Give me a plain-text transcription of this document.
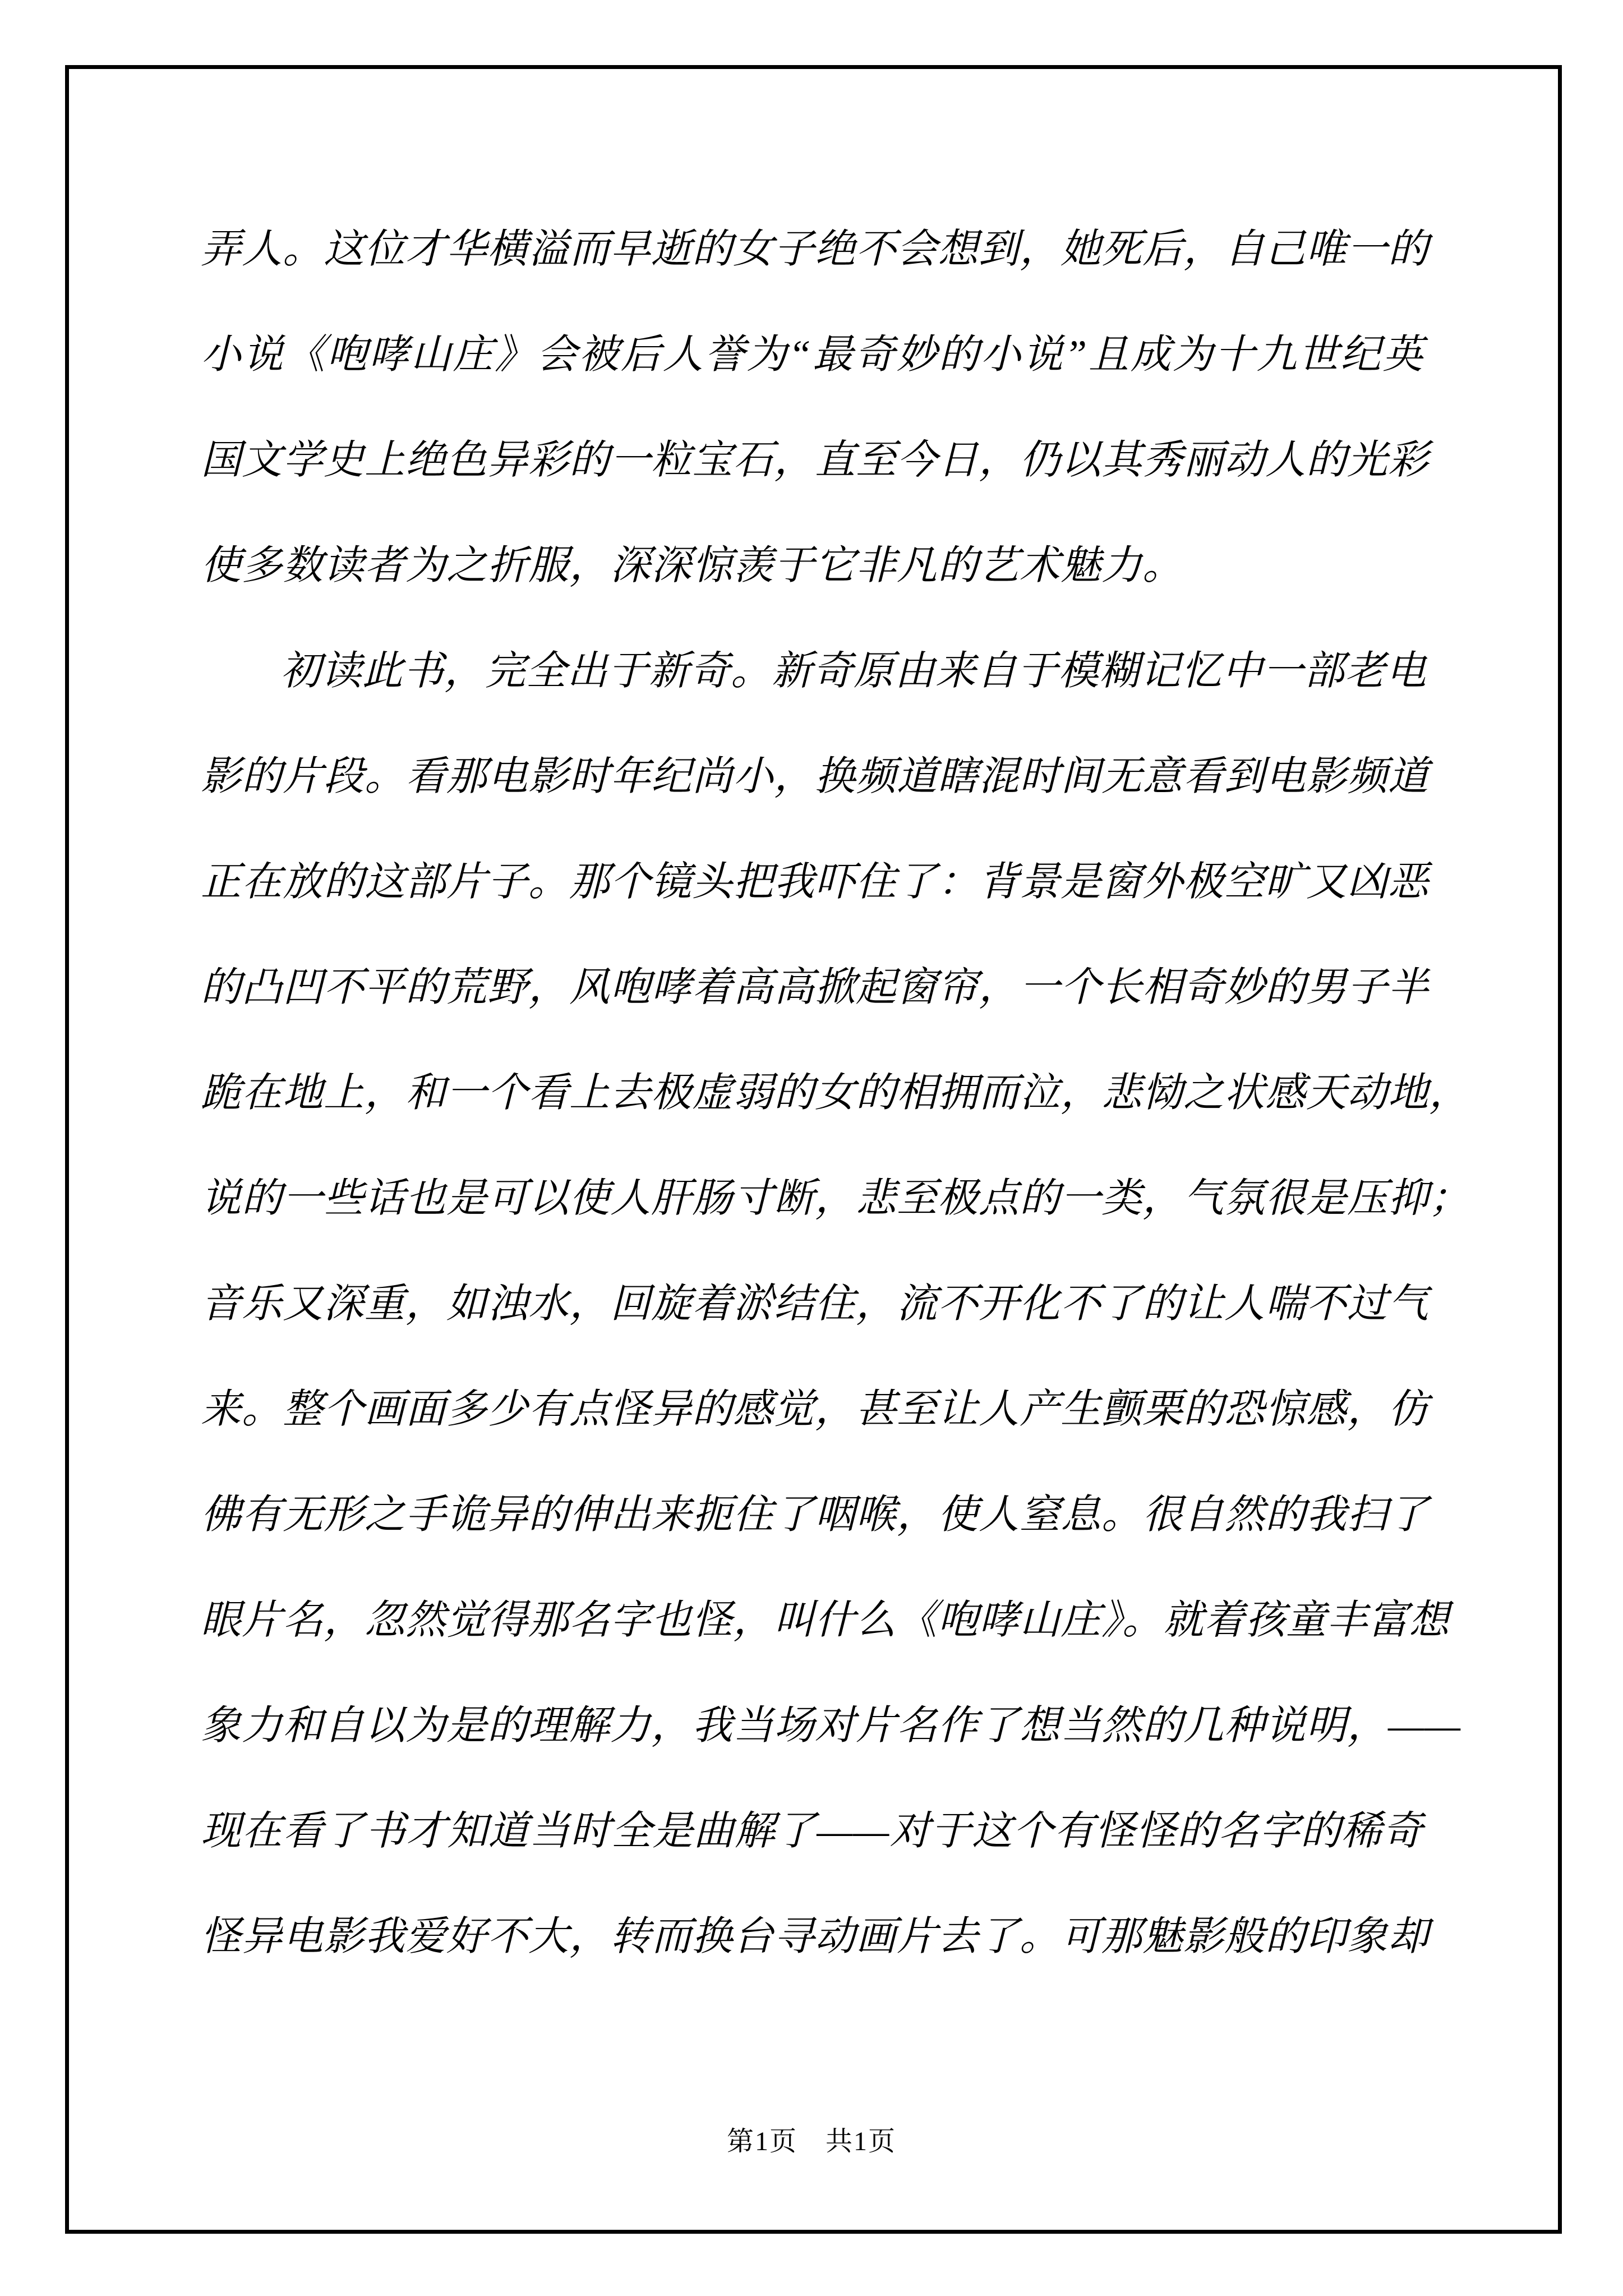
弄人。这位才华横溢而早逝的女子绝不会想到，她死后，自己唯一的
小说《咆哮山庄》会被后人誉为“最奇妙的小说”且成为十九世纪英
国文学史上绝色异彩的一粒宝石，直至今日，仍以其秀丽动人的光彩
使多数读者为之折服，深深惊羡于它非凡的艺术魅力。
初读此书，完全出于新奇。新奇原由来自于模糊记忆中一部老电
影的片段。看那电影时年纪尚小，换频道瞎混时间无意看到电影频道
正在放的这部片子。那个镜头把我吓住了：背景是窗外极空旷又凶恶
的凸凹不平的荒野，风咆哮着高高掀起窗帘，一个长相奇妙的男子半
跪在地上，和一个看上去极虚弱的女的相拥而泣，悲恸之状感天动地，
说的一些话也是可以使人肝肠寸断，悲至极点的一类，气氛很是压抑；
音乐又深重，如浊水，回旋着淤结住，流不开化不了的让人喘不过气
来。整个画面多少有点怪异的感觉，甚至让人产生颤栗的恐惊感，仿
佛有无形之手诡异的伸出来扼住了咽喉，使人窒息。很自然的我扫了
眼片名，忽然觉得那名字也怪，叫什么《咆哮山庄》。就着孩童丰富想
象力和自以为是的理解力，我当场对片名作了想当然的几种说明，——
现在看了书才知道当时全是曲解了——对于这个有怪怪的名字的稀奇
怪异电影我爱好不大，转而换台寻动画片去了。可那魅影般的印象却
第1页　共1页
